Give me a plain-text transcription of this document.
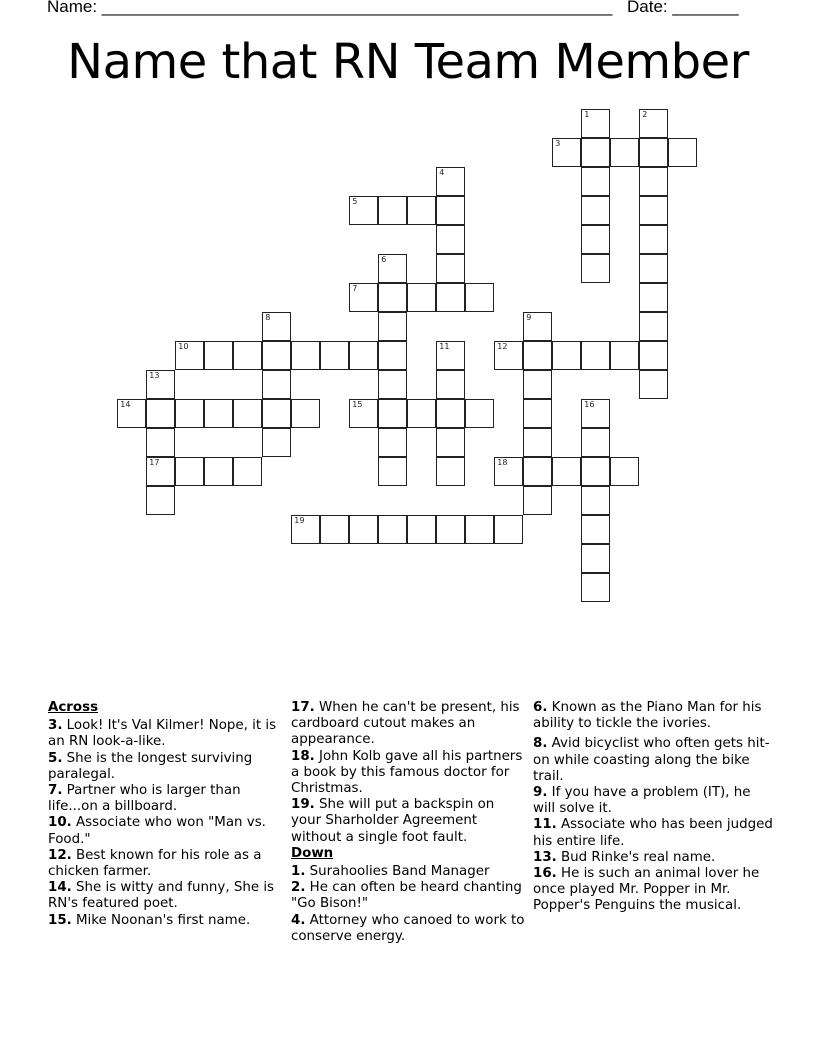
Name: ______________________________________________________ Date: _______
Name that RN Team Member
1	2
3
4
5
6
7
8	9
10	11	12
13
17
14	15	16
18
19
Across
3. Look! It's Val Kilmer! Nope, it is an RN look-a-like.
5. She is the longest surviving paralegal.
7. Partner who is larger than life...on a billboard.
10. Associate who won "Man vs. Food."
12. Best known for his role as a chicken farmer.
14. She is witty and funny, She is RN's featured poet.
15. Mike Noonan's first name.
17. When he can't be present, his cardboard cutout makes an appearance.
18. John Kolb gave all his partners a book by this famous doctor for Christmas.
19. She will put a backspin on your Sharholder Agreement without a single foot fault.
Down
1. Surahoolies Band Manager
2. He can often be heard chanting "Go Bison!"
4. Attorney who canoed to work to conserve energy.
6. Known as the Piano Man for his ability to tickle the ivories.
8. Avid bicyclist who often gets hit-on while coasting along the bike trail.
9. If you have a problem (IT), he will solve it.
11. Associate who has been judged his entire life.
13. Bud Rinke's real name.
16. He is such an animal lover he once played Mr. Popper in Mr. Popper's Penguins the musical.
